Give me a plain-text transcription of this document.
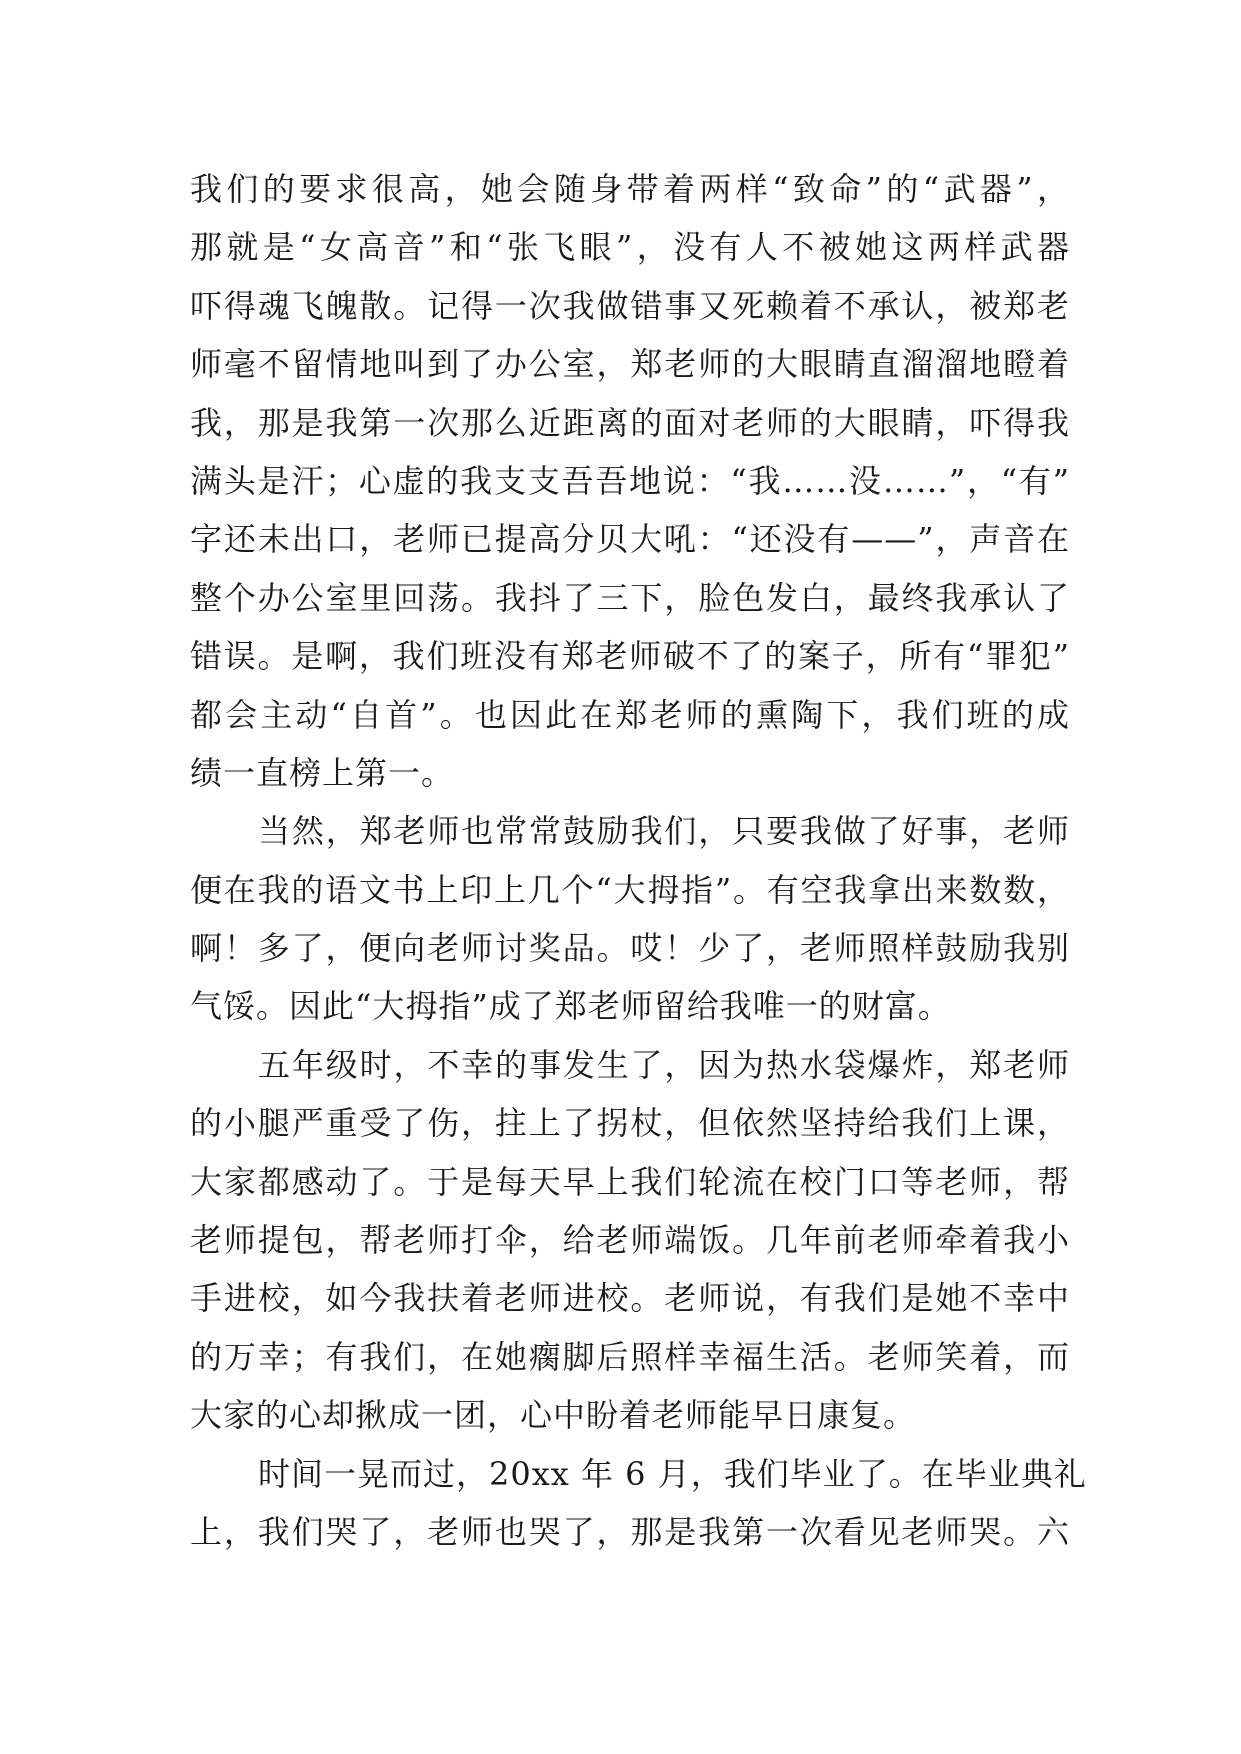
我们的要求很高，她会随身带着两样“致命”的“武器”，
那就是“女高音”和“张飞眼”，没有人不被她这两样武器
吓得魂飞魄散。记得一次我做错事又死赖着不承认，被郑老
师毫不留情地叫到了办公室，郑老师的大眼睛直溜溜地瞪着
我，那是我第一次那么近距离的面对老师的大眼睛，吓得我
满头是汗；心虚的我支支吾吾地说：“我……没……”，“有”
字还未出口，老师已提高分贝大吼：“还没有——”，声音在
整个办公室里回荡。我抖了三下，脸色发白，最终我承认了
错误。是啊，我们班没有郑老师破不了的案子，所有“罪犯”
都会主动“自首”。也因此在郑老师的熏陶下，我们班的成
绩一直榜上第一。
当然，郑老师也常常鼓励我们，只要我做了好事，老师
便在我的语文书上印上几个“大拇指”。有空我拿出来数数，
啊！多了，便向老师讨奖品。哎！少了，老师照样鼓励我别
气馁。因此“大拇指”成了郑老师留给我唯一的财富。
五年级时，不幸的事发生了，因为热水袋爆炸，郑老师
的小腿严重受了伤，拄上了拐杖，但依然坚持给我们上课，
大家都感动了。于是每天早上我们轮流在校门口等老师，帮
老师提包，帮老师打伞，给老师端饭。几年前老师牵着我小
手进校，如今我扶着老师进校。老师说，有我们是她不幸中
的万幸；有我们，在她瘸脚后照样幸福生活。老师笑着，而
大家的心却揪成一团，心中盼着老师能早日康复。
时间一晃而过，20xx 年 6 月，我们毕业了。在毕业典礼
上，我们哭了，老师也哭了，那是我第一次看见老师哭。六
